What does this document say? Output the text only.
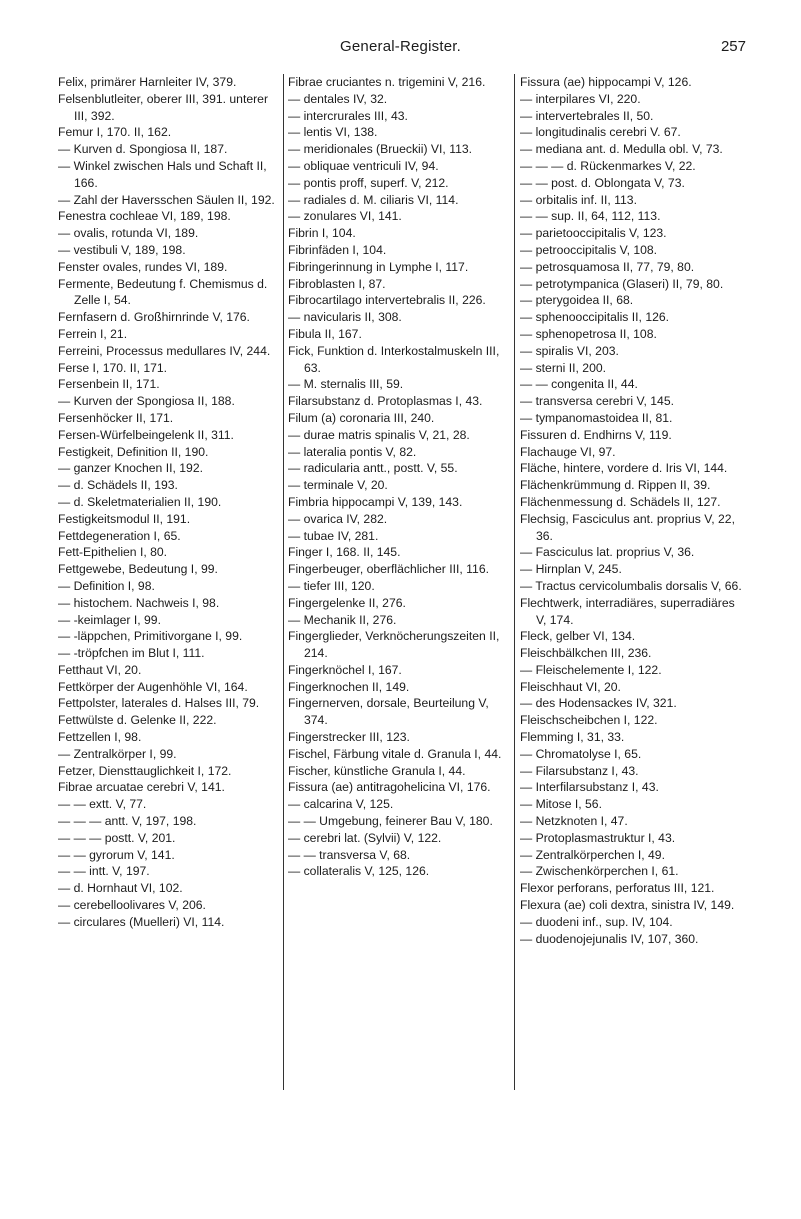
General-Register.	257

Felix, primärer Harnleiter IV, 379.

Felsenblutleiter, oberer III, 391. unterer III, 392.

Femur I, 170. II, 162.

— Kurven d. Spongiosa II, 187.

— Winkel zwischen Hals und Schaft II, 166.

— Zahl der Haversschen Säulen II, 192.

Fenestra cochleae VI, 189, 198.

— ovalis, rotunda VI, 189.

— vestibuli V, 189, 198.

Fenster ovales, rundes VI, 189.

Fermente, Bedeutung f. Chemismus d. Zelle I, 54.

Fernfasern d. Großhirnrinde V, 176.

Ferrein I, 21.

Ferreini, Processus medullares IV, 244.

Ferse I, 170. II, 171.

Fersenbein II, 171.

— Kurven der Spongiosa II, 188.

Fersenhöcker II, 171.

Fersen-Würfelbeingelenk II, 311.

Festigkeit, Definition II, 190.

— ganzer Knochen II, 192.

— d. Schädels II, 193.

— d. Skeletmaterialien II, 190.

Festigkeitsmodul II, 191.

Fettdegeneration I, 65.

Fett-Epithelien I, 80.

Fettgewebe, Bedeutung I, 99.

— Definition I, 98.

— histochem. Nachweis I, 98.

— -keimlager I, 99.

— -läppchen, Primitivorgane I, 99.

— -tröpfchen im Blut I, 111.

Fetthaut VI, 20.

Fettkörper der Augenhöhle VI, 164.

Fettpolster, laterales d. Halses III, 79.

Fettwülste d. Gelenke II, 222.

Fettzellen I, 98.

— Zentralkörper I, 99.

Fetzer, Diensttauglichkeit I, 172.

Fibrae arcuatae cerebri V, 141.

— — extt. V, 77.

— — — antt. V, 197, 198.

— — — postt. V, 201.

— — gyrorum V, 141.

— — intt. V, 197.

— d. Hornhaut VI, 102.

— cerebelloolivares V, 206.

— circulares (Muelleri) VI, 114.

Fibrae cruciantes n. trigemini V, 216.

— dentales IV, 32.

— intercrurales III, 43.

— lentis VI, 138.

— meridionales (Brueckii) VI, 113.

— obliquae ventriculi IV, 94.

— pontis proff, superf. V, 212.

— radiales d. M. ciliaris VI, 114.

— zonulares VI, 141.

Fibrin I, 104.

Fibrinfäden I, 104.

Fibringerinnung in Lymphe I, 117.

Fibroblasten I, 87.

Fibrocartilago intervertebralis II, 226.

— navicularis II, 308.

Fibula II, 167.

Fick, Funktion d. Interkostalmuskeln III, 63.

— M. sternalis III, 59.

Filarsubstanz d. Protoplasmas I, 43.

Filum (a) coronaria III, 240.

— durae matris spinalis V, 21, 28.

— lateralia pontis V, 82.

— radicularia antt., postt. V, 55.

— terminale V, 20.

Fimbria hippocampi V, 139, 143.

— ovarica IV, 282.

— tubae IV, 281.

Finger I, 168. II, 145.

Fingerbeuger, oberflächlicher III, 116.

— tiefer III, 120.

Fingergelenke II, 276.

— Mechanik II, 276.

Fingerglieder, Verknöcherungszeiten II, 214.

Fingerknöchel I, 167.

Fingerknochen II, 149.

Fingernerven, dorsale, Beurteilung V, 374.

Fingerstrecker III, 123.

Fischel, Färbung vitale d. Granula I, 44.

Fischer, künstliche Granula I, 44.

Fissura (ae) antitragohelicina VI, 176.

— calcarina V, 125.

— — Umgebung, feinerer Bau V, 180.

— cerebri lat. (Sylvii) V, 122.

— — transversa V, 68.

— collateralis V, 125, 126.

Fissura (ae) hippocampi V, 126.

— interpilares VI, 220.

— intervertebrales II, 50.

— longitudinalis cerebri V. 67.

— mediana ant. d. Medulla obl. V, 73.

— — — d. Rückenmarkes V, 22.

— — post. d. Oblongata V, 73.

— orbitalis inf. II, 113.

— — sup. II, 64, 112, 113.

— parietooccipitalis V, 123.

— petrooccipitalis V, 108.

— petrosquamosa II, 77, 79, 80.

— petrotympanica (Glaseri) II, 79, 80.

— pterygoidea II, 68.

— sphenooccipitalis II, 126.

— sphenopetrosa II, 108.

— spiralis VI, 203.

— sterni II, 200.

— — congenita II, 44.

— transversa cerebri V, 145.

— tympanomastoidea II, 81.

Fissuren d. Endhirns V, 119.

Flachauge VI, 97.

Fläche, hintere, vordere d. Iris VI, 144.

Flächenkrümmung d. Rippen II, 39.

Flächenmessung d. Schädels II, 127.

Flechsig, Fasciculus ant. proprius V, 22, 36.

— Fasciculus lat. proprius V, 36.

— Hirnplan V, 245.

— Tractus cervicolumbalis dorsalis V, 66.

Flechtwerk, interradiäres, superradiäres V, 174.

Fleck, gelber VI, 134.

Fleischbälkchen III, 236.

— Fleischelemente I, 122.

Fleischhaut VI, 20.

— des Hodensackes IV, 321.

Fleischscheibchen I, 122.

Flemming I, 31, 33.

— Chromatolyse I, 65.

— Filarsubstanz I, 43.

— Interfilarsubstanz I, 43.

— Mitose I, 56.

— Netzknoten I, 47.

— Protoplasmastruktur I, 43.

— Zentralkörperchen I, 49.

— Zwischenkörperchen I, 61.

Flexor perforans, perforatus III, 121.

Flexura (ae) coli dextra, sinistra IV, 149.

— duodeni inf., sup. IV, 104.

— duodenojejunalis IV, 107, 360.
